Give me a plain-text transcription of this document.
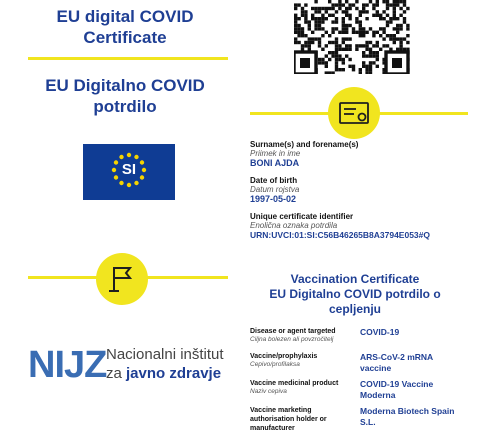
EU digital COVID
Certificate
EU Digitalno COVID
potrdilo
SI
NIJZ Nacionalni inštitut
za javno zdravje
Surname(s) and forename(s)
Priimek in ime
BONI AJDA
Date of birth
Datum rojstva
1997-05-02
Unique certificate identifier
Enolična oznaka potrdila
URN:UVCI:01:SI:C56B46265B8A3794E053#Q
Vaccination Certificate
EU Digitalno COVID potrdilo o
cepljenju
Disease or agent targeted
Ciljna bolezen ali povzročitelj
COVID-19
Vaccine/prophylaxis
Cepivo/profilaksa
ARS-CoV-2 mRNA vaccine
Vaccine medicinal product
Naziv cepiva
COVID-19 Vaccine Moderna
Vaccine marketing authorisation holder or manufacturer
Moderna Biotech Spain S.L.
